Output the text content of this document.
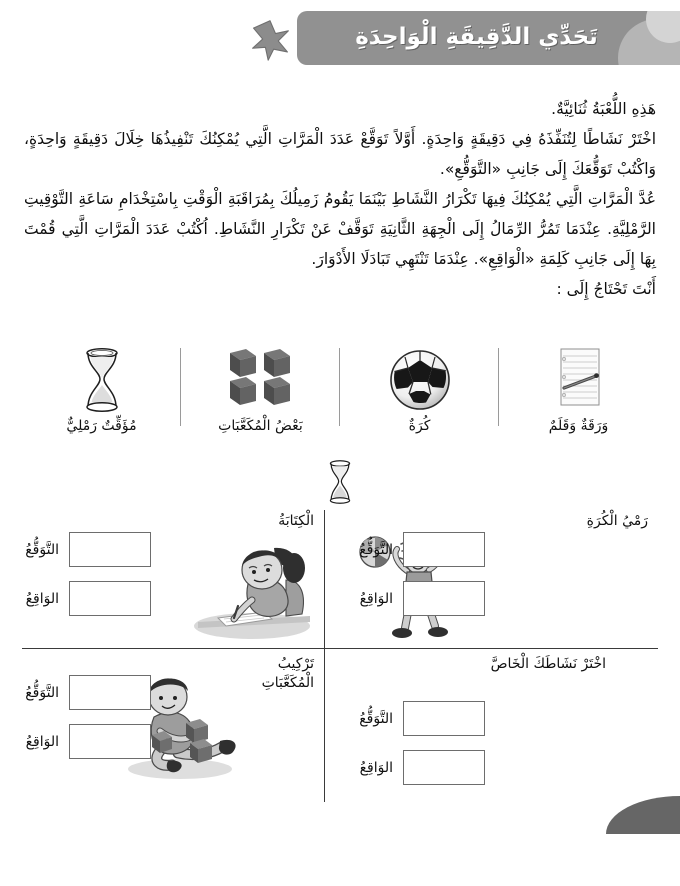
تَحَدِّي الدَّقِيقَةِ الْوَاحِدَةِ

هَذِهِ اللُّعْبَةُ ثُنَائِيَّةٌ.

اخْتَرْ نَشَاطًا لِتُنَفِّذَهُ فِي دَقِيقَةٍ وَاحِدَةٍ. أَوَّلاً تَوَقَّعْ عَدَدَ الْمَرَّاتِ الَّتِي يُمْكِنُكَ تَنْفِيذُهَا خِلَالَ دَقِيقَةٍ وَاحِدَةٍ، وَاكْتُبْ تَوَقُّعَكَ إِلَى جَانِبِ «التَّوَقُّعِ».

عُدَّ الْمَرَّاتِ الَّتِي يُمْكِنُكَ فِيهَا تَكْرَارُ النَّشَاطِ بَيْنَمَا يَقُومُ زَمِيلُكَ بِمُرَاقَبَةِ الْوَقْتِ بِاسْتِخْدَامِ سَاعَةِ التَّوْقِيتِ الرَّمْلِيَّةِ. عِنْدَمَا تَمُرُّ الرِّمَالُ إِلَى الْجِهَةِ الثَّانِيَةِ تَوَقَّفْ عَنْ تَكْرَارِ النَّشَاطِ. اُكْتُبْ عَدَدَ الْمَرَّاتِ الَّتِي قُمْتَ بِهَا إِلَى جَانِبِ كَلِمَةِ «الْوَاقِعِ». عِنْدَمَا تَنْتَهِي تَبَادَلَا الأَدْوَارَ.

أَنْتَ تَحْتَاجُ إِلَى :

وَرَقَةٌ وَقَلَمٌ
كُرَةٌ
بَعْضُ الْمُكَعَّبَاتِ
مُؤَقِّتٌ رَمْلِيٌّ
رَمْيُ الْكُرَةِ
التَّوَقُّعُ
الوَاقِعُ
الْكِتَابَةُ
التَّوَقُّعُ
الوَاقِعُ
اخْتَرْ نَشَاطَكَ الْخَاصَّ
التَّوَقُّعُ
الوَاقِعُ
تَرْكِيبُ الْمُكَعَّبَاتِ
التَّوَقُّعُ
الوَاقِعُ
